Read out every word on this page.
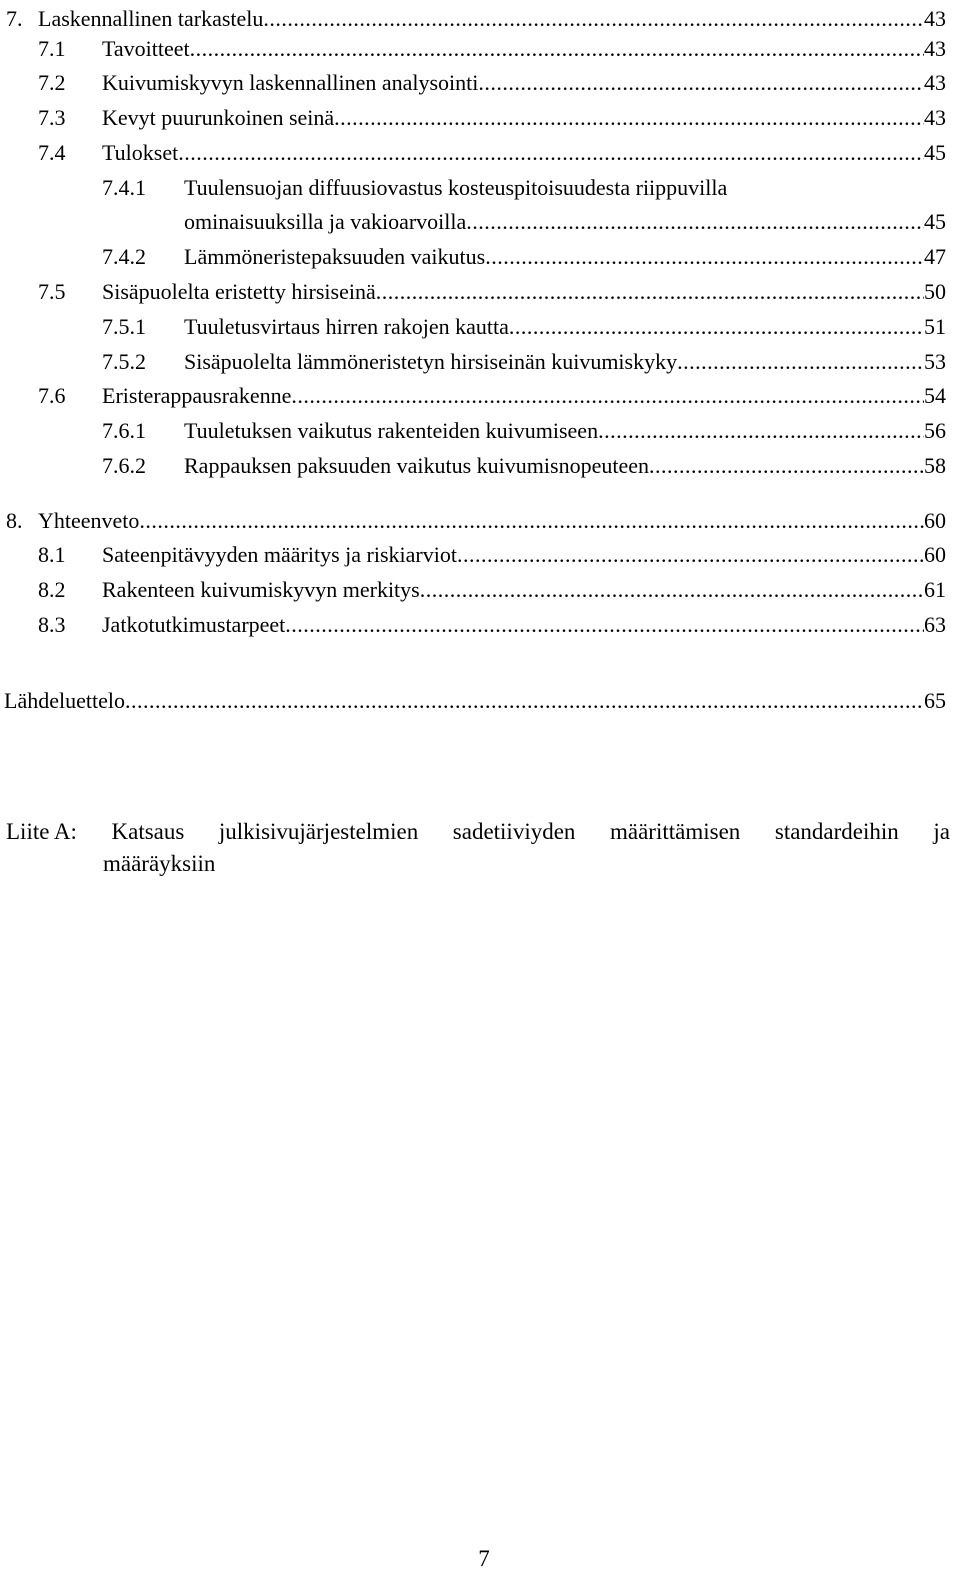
7. Laskennallinen tarkastelu .....	43
7.1 Tavoitteet .....	43
7.2 Kuivumiskyvyn laskennallinen analysointi .....	43
7.3 Kevyt puurunkoinen seinä .....	43
7.4 Tulokset .....	45
7.4.1 Tuulensuojan diffuusiovastus kosteuspitoisuudesta riippuvilla
ominaisuuksilla ja vakioarvoilla .....	45
7.4.2 Lämmöneristepaksuuden vaikutus .....	47
7.5 Sisäpuolelta eristetty hirsiseinä .....	50
7.5.1 Tuuletusvirtaus hirren rakojen kautta .....	51
7.5.2 Sisäpuolelta lämmöneristetyn hirsiseinän kuivumiskyky .....	53
7.6 Eristerappausrakenne .....	54
7.6.1 Tuuletuksen vaikutus rakenteiden kuivumiseen .....	56
7.6.2 Rappauksen paksuuden vaikutus kuivumisnopeuteen .....	58
8. Yhteenveto .....	60
8.1 Sateenpitävyyden määritys ja riskiarviot .....	60
8.2 Rakenteen kuivumiskyvyn merkitys .....	61
8.3 Jatkotutkimustarpeet .....	63
Lähdeluettelo .....	65
Liite A: Katsaus julkisivujärjestelmien sadetiiviyden määrittämisen standardeihin ja
määräyksiin
7
